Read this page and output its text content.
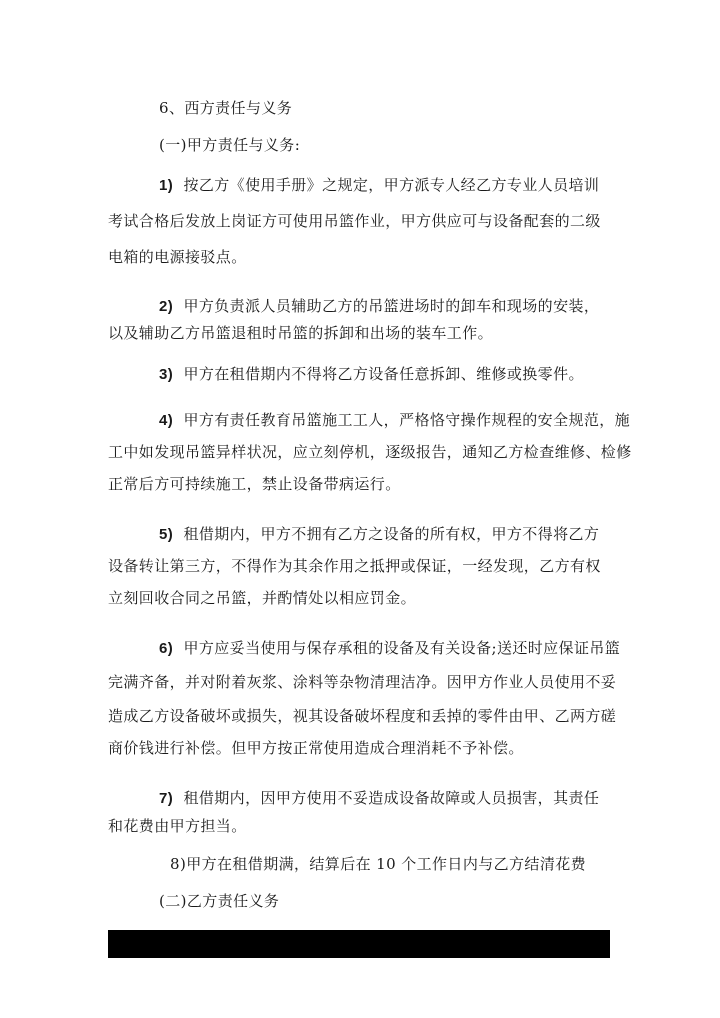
6、西方责任与义务
(一)甲方责任与义务:
1) 按乙方《使用手册》之规定，甲方派专人经乙方专业人员培训
考试合格后发放上岗证方可使用吊篮作业，甲方供应可与设备配套的二级
电箱的电源接驳点。
2) 甲方负责派人员辅助乙方的吊篮进场时的卸车和现场的安装，
以及辅助乙方吊篮退租时吊篮的拆卸和出场的装车工作。
3) 甲方在租借期内不得将乙方设备任意拆卸、维修或换零件。
4) 甲方有责任教育吊篮施工工人，严格恪守操作规程的安全规范，施
工中如发现吊篮异样状况，应立刻停机，逐级报告，通知乙方检查维修、检修
正常后方可持续施工，禁止设备带病运行。
5) 租借期内，甲方不拥有乙方之设备的所有权，甲方不得将乙方
设备转让第三方，不得作为其余作用之抵押或保证，一经发现，乙方有权
立刻回收合同之吊篮，并酌情处以相应罚金。
6) 甲方应妥当使用与保存承租的设备及有关设备;送还时应保证吊篮
完满齐备，并对附着灰浆、涂料等杂物清理洁净。因甲方作业人员使用不妥
造成乙方设备破坏或损失，视其设备破坏程度和丢掉的零件由甲、乙两方磋
商价钱进行补偿。但甲方按正常使用造成合理消耗不予补偿。
7) 租借期内，因甲方使用不妥造成设备故障或人员损害，其责任
和花费由甲方担当。
8)甲方在租借期满，结算后在 10 个工作日内与乙方结清花费
(二)乙方责任义务
